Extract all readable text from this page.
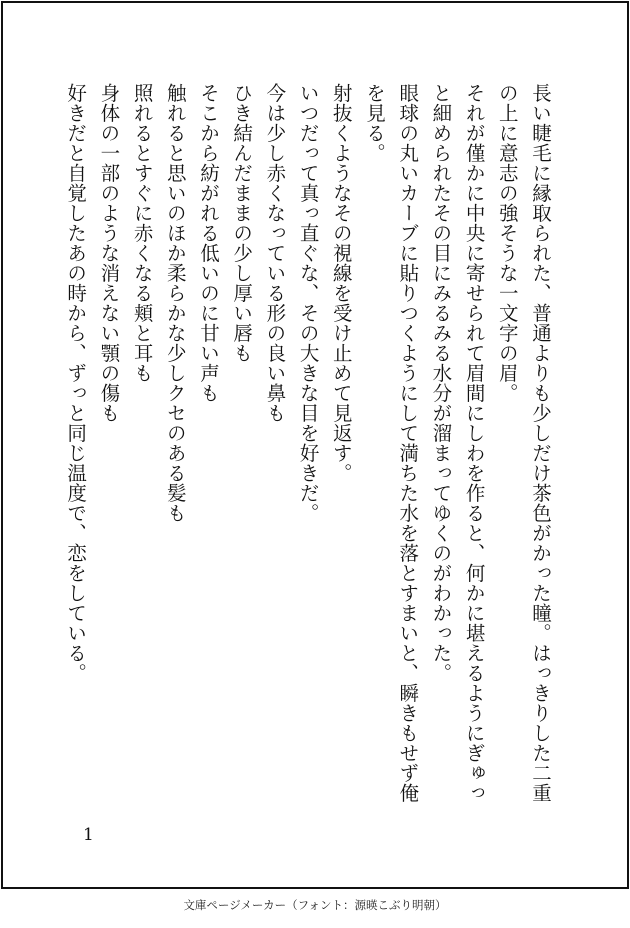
長い睫毛に縁取られた、普通よりも少しだけ茶色がかった瞳。はっきりした二重
の上に意志の強そうな一文字の眉。
それが僅かに中央に寄せられて眉間にしわを作ると、何かに堪えるようにぎゅっ
と細められたその目にみるみる水分が溜まってゆくのがわかった。
眼球の丸いカーブに貼りつくようにして満ちた水を落とすまいと、瞬きもせず俺
を見る。
射抜くようなその視線を受け止めて見返す。
いつだって真っ直ぐな、その大きな目を好きだ。
今は少し赤くなっている形の良い鼻も
ひき結んだままの少し厚い唇も
そこから紡がれる低いのに甘い声も
触れると思いのほか柔らかな少しクセのある髪も
照れるとすぐに赤くなる頬と耳も
身体の一部のような消えない顎の傷も
好きだと自覚したあの時から、ずっと同じ温度で、恋をしている。
1
文庫ページメーカー（フォント：源暎こぶり明朝）
